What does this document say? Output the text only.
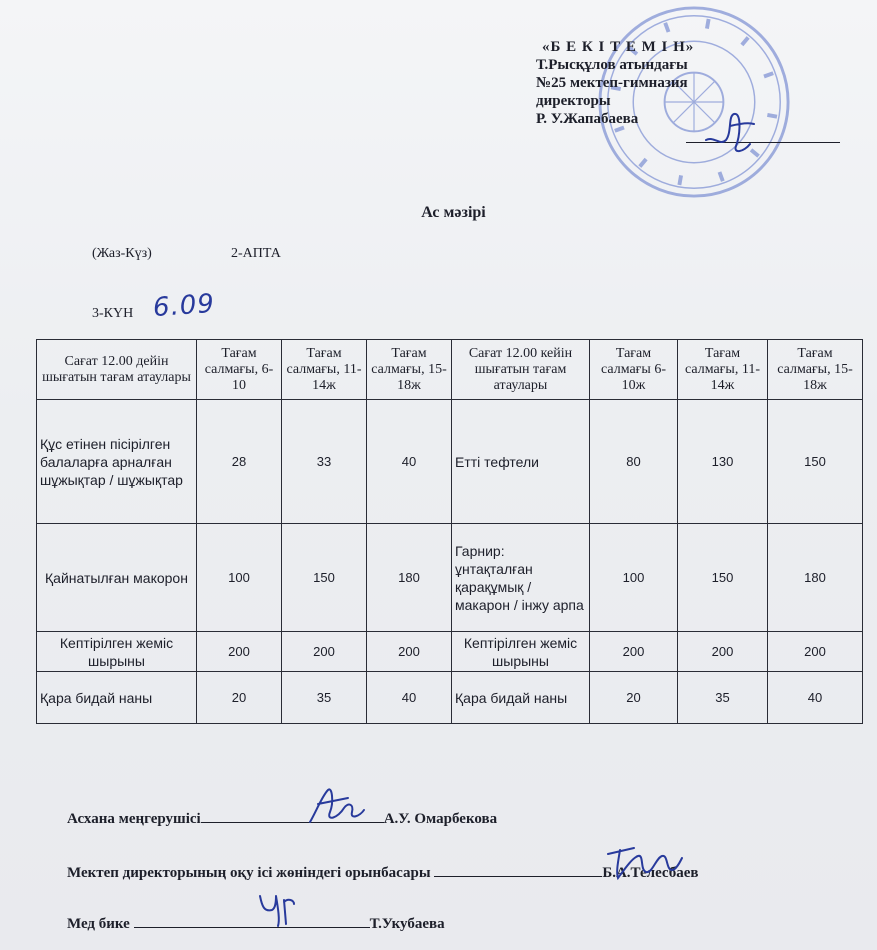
«Б Е К І Т Е М І Н»
Т.Рысқұлов атындағы
№25 мектеп-гимназия
директоры
Р. У.Жапабаева
Ас мәзірі
(Жаз-Күз)	2-АПТА
3-КҮН 6.09
Сағат 12.00 дейін шығатын тағам атаулары	Тағам салмағы, 6-10	Тағам салмағы, 11-14ж	Тағам салмағы, 15-18ж	Сағат 12.00 кейін шығатын тағам атаулары	Тағам салмағы 6-10ж	Тағам салмағы, 11-14ж	Тағам салмағы, 15-18ж
Құс етінен пісірілген балаларға арналған шұжықтар / шұжықтар	28	33	40	Етті тефтели	80	130	150
Қайнатылған макорон	100	150	180	Гарнир: ұнтақталған қарақұмық / макарон / інжу арпа	100	150	180
Кептірілген жеміс шырыны	200	200	200	Кептірілген жеміс шырыны	200	200	200
Қара бидай наны	20	35	40	Қара бидай наны	20	35	40
Асхана меңгерушісі	А.У. Омарбекова
Мектеп директорының оқу ісі жөніндегі орынбасары	Б.А.Телесбаев
Мед бике	Т.Укубаева
